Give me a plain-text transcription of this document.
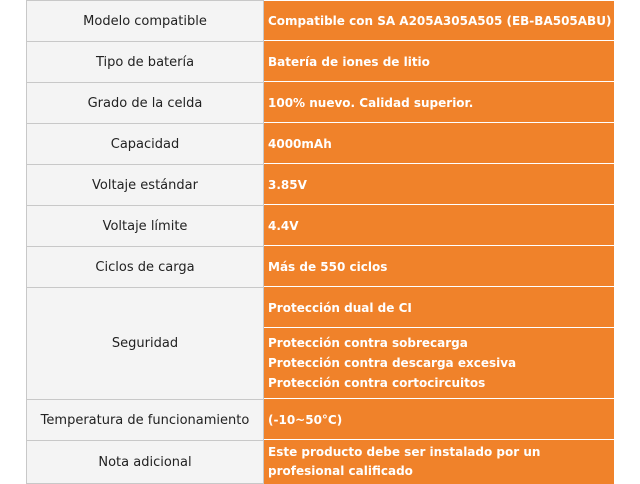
Modelo compatible	Compatible con SA A205A305A505 (EB-BA505ABU)

Tipo de batería	Batería de iones de litio

Grado de la celda	100% nuevo. Calidad superior.

Capacidad	4000mAh

Voltaje estándar	3.85V

Voltaje límite	4.4V

Ciclos de carga	Más de 550 ciclos

Seguridad	Protección dual de CI
Protección contra sobrecarga
Protección contra descarga excesiva
Protección contra cortocircuitos

Temperatura de funcionamiento	(-10~50°C)

Nota adicional	Este producto debe ser instalado por un profesional calificado
